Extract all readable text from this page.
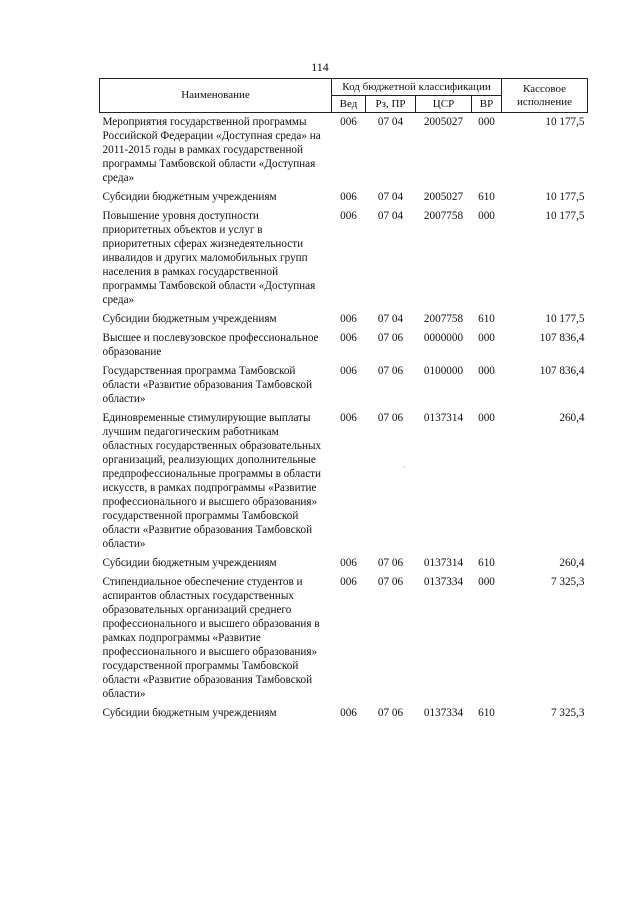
114
Наименование	Код бюджетной классификации				Кассовое исполнение
	Вед	Рз, ПР	ЦСР	ВР	
Мероприятия государственной программы Российской Федерации «Доступная среда» на 2011-2015 годы в рамках государственной программы Тамбовской области «Доступная среда»	006	07 04	2005027	000	10 177,5
Субсидии бюджетным учреждениям	006	07 04	2005027	610	10 177,5
Повышение уровня доступности приоритетных объектов и услуг в приоритетных сферах жизнедеятельности инвалидов и других маломобильных групп населения в рамках государственной программы Тамбовской области «Доступная среда»	006	07 04	2007758	000	10 177,5
Субсидии бюджетным учреждениям	006	07 04	2007758	610	10 177,5
Высшее и послевузовское профессиональное образование	006	07 06	0000000	000	107 836,4
Государственная программа Тамбовской области «Развитие образования Тамбовской области»	006	07 06	0100000	000	107 836,4
Единовременные стимулирующие выплаты лучшим педагогическим работникам областных государственных образовательных организаций, реализующих дополнительные предпрофессиональные программы в области искусств, в рамках подпрограммы «Развитие профессионального и высшего образования» государственной программы Тамбовской области «Развитие образования Тамбовской области»	006	07 06	0137314	000	260,4
Субсидии бюджетным учреждениям	006	07 06	0137314	610	260,4
Стипендиальное обеспечение студентов и аспирантов областных государственных образовательных организаций среднего профессионального и высшего образования в рамках подпрограммы «Развитие профессионального и высшего образования» государственной программы Тамбовской области «Развитие образования Тамбовской области»	006	07 06	0137334	000	7 325,3
Субсидии бюджетным учреждениям	006	07 06	0137334	610	7 325,3
·
